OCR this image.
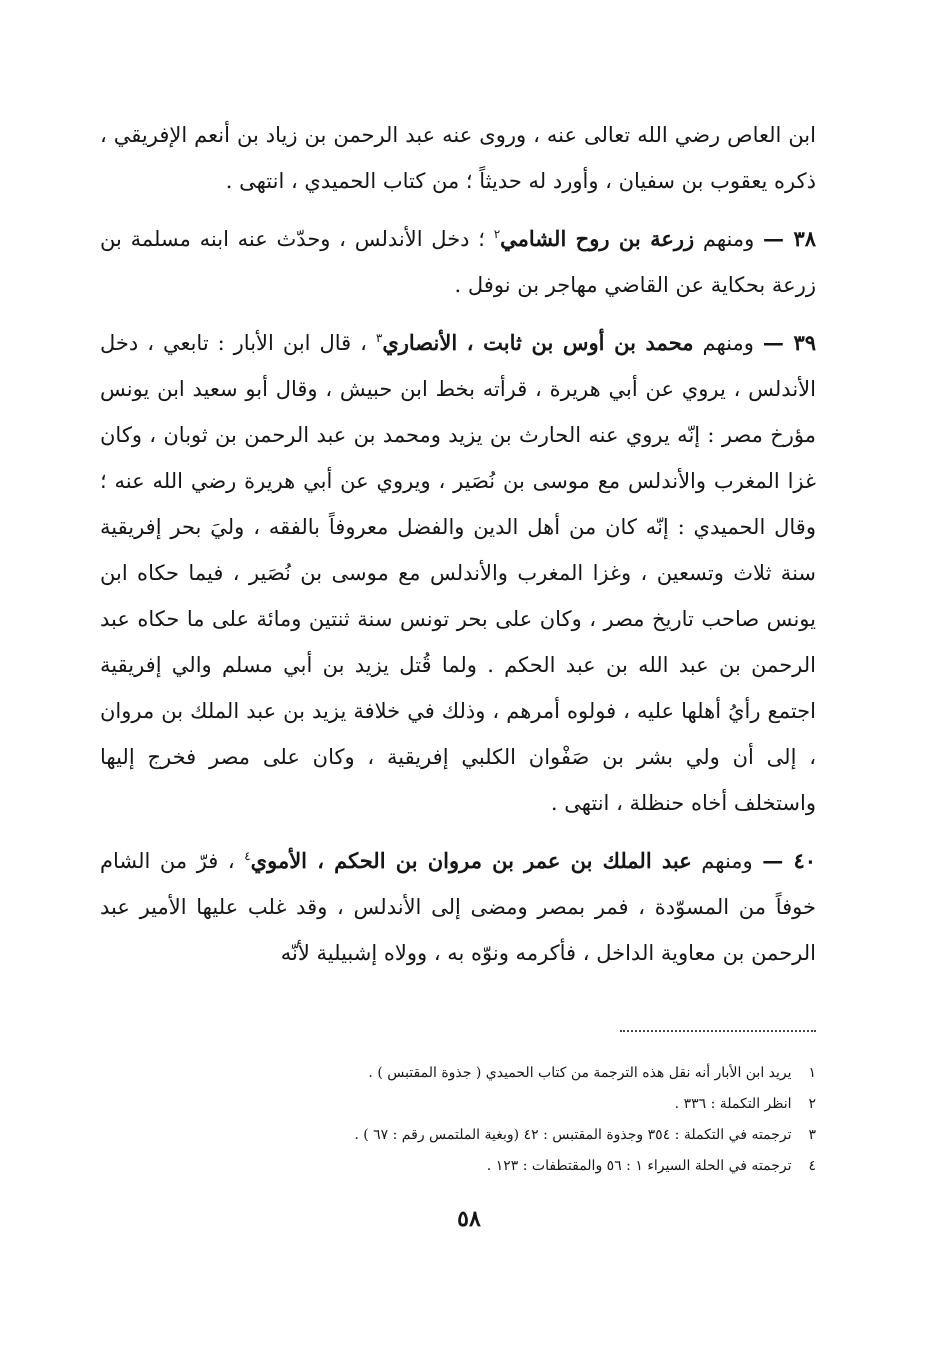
ابن العاص رضي الله تعالى عنه ، وروى عنه عبد الرحمن بن زياد بن أنعم الإفريقي ، ذكره يعقوب بن سفيان ، وأورد له حديثاً ؛ من كتاب الحميدي ، انتهى .

٣٨ — ومنهم زرعة بن روح الشامي$^٢$ ؛ دخل الأندلس ، وحدّث عنه ابنه مسلمة بن زرعة بحكاية عن القاضي مهاجر بن نوفل .

٣٩ — ومنهم محمد بن أوس بن ثابت ، الأنصاري$^٣$ ، قال ابن الأبار : تابعي ، دخل الأندلس ، يروي عن أبي هريرة ، قرأته بخط ابن حبيش ، وقال أبو سعيد ابن يونس مؤرخ مصر : إنّه يروي عنه الحارث بن يزيد ومحمد بن عبد الرحمن بن ثوبان ، وكان غزا المغرب والأندلس مع موسى بن نُصَير ، ويروي عن أبي هريرة رضي الله عنه ؛ وقال الحميدي : إنّه كان من أهل الدين والفضل معروفاً بالفقه ، وليَ بحر إفريقية سنة ثلاث وتسعين ، وغزا المغرب والأندلس مع موسى بن نُصَير ، فيما حكاه ابن يونس صاحب تاريخ مصر ، وكان على بحر تونس سنة ثنتين ومائة على ما حكاه عبد الرحمن بن عبد الله بن عبد الحكم . ولما قُتل يزيد بن أبي مسلم والي إفريقية اجتمع رأيُ أهلها عليه ، فولوه أمرهم ، وذلك في خلافة يزيد بن عبد الملك بن مروان ، إلى أن ولي بشر بن صَفْوان الكلبي إفريقية ، وكان على مصر فخرج إليها واستخلف أخاه حنظلة ، انتهى .

٤٠ — ومنهم عبد الملك بن عمر بن مروان بن الحكم ، الأموي$^٤$ ، فرّ من الشام خوفاً من المسوّدة ، فمر بمصر ومضى إلى الأندلس ، وقد غلب عليها الأمير عبد الرحمن بن معاوية الداخل ، فأكرمه ونوّه به ، وولاه إشبيلية لأنّه

١ يريد ابن الأبار أنه نقل هذه الترجمة من كتاب الحميدي ( جذوة المقتبس ) .
٢ انظر التكملة : ٣٣٦ .
٣ ترجمته في التكملة : ٣٥٤ وجذوة المقتبس : ٤٢ (وبغية الملتمس رقم : ٦٧ ) .
٤ ترجمته في الحلة السيراء ١ : ٥٦ والمقتطفات : ١٢٣ .
٥٨
